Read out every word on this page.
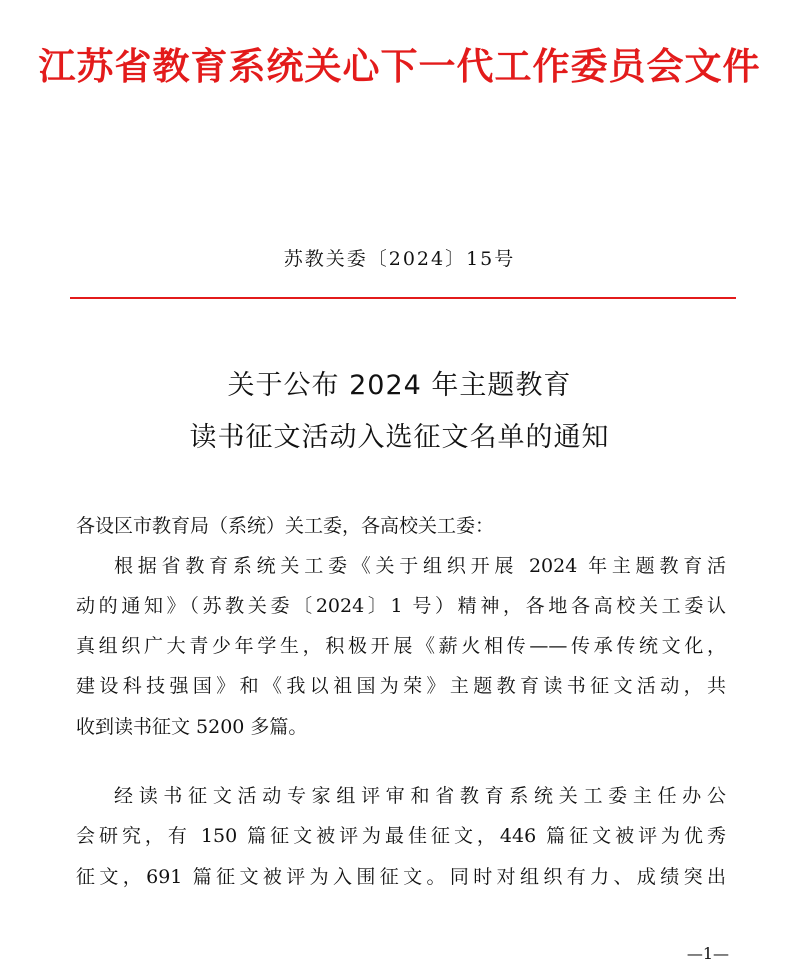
江苏省教育系统关心下一代工作委员会文件
苏教关委〔2024〕15号
关于公布 2024 年主题教育
读书征文活动入选征文名单的通知
各设区市教育局（系统）关工委，各高校关工委：
根据省教育系统关工委《关于组织开展 2024 年主题教育活
动的通知》（苏教关委〔2024〕1 号）精神，各地各高校关工委认
真组织广大青少年学生，积极开展《薪火相传——传承传统文化，
建设科技强国》和《我以祖国为荣》主题教育读书征文活动，共
收到读书征文 5200 多篇。
经读书征文活动专家组评审和省教育系统关工委主任办公
会研究，有 150 篇征文被评为最佳征文，446 篇征文被评为优秀
征文，691 篇征文被评为入围征文。同时对组织有力、成绩突出
—1—
